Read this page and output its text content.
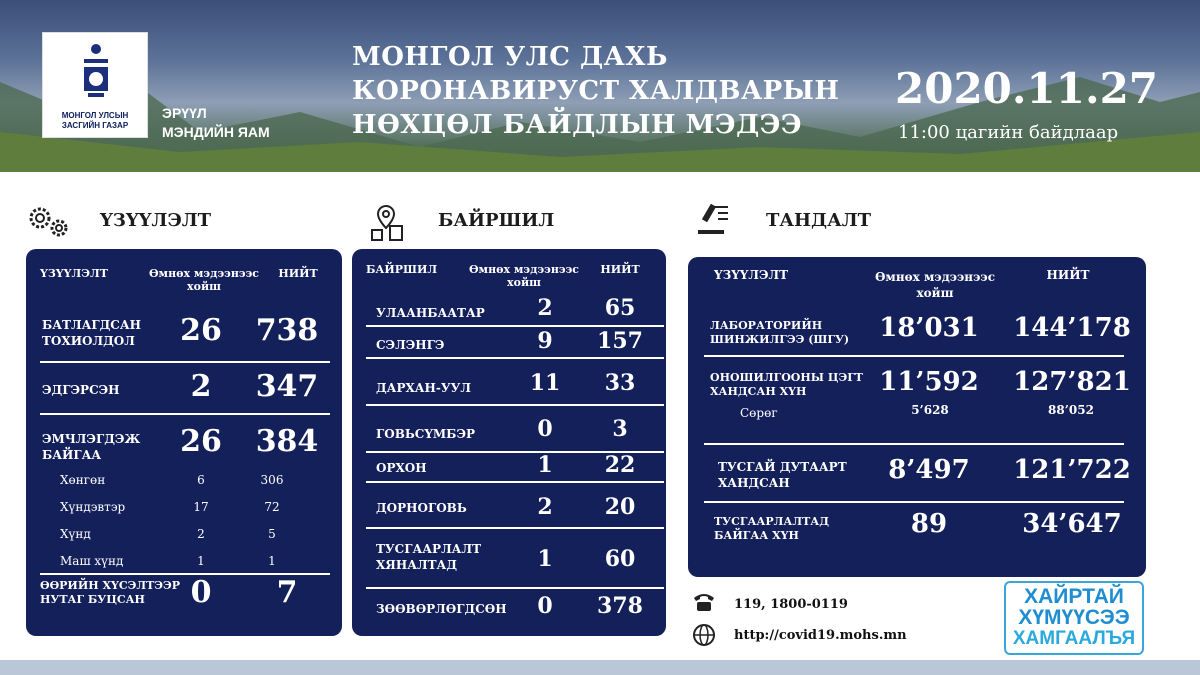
МОНГОЛ УЛСЫН ЗАСГИЙН ГАЗАР
ЭРҮҮЛ
МЭНДИЙН ЯАМ
МОНГОЛ УЛС ДАХЬ
КОРОНАВИРУСТ ХАЛДВАРЫН
НӨХЦӨЛ БАЙДЛЫН МЭДЭЭ
2020.11.27
11:00 цагийн байдлаар
ҮЗҮҮЛЭЛТ
ҮЗҮҮЛЭЛТ	Өмнөх мэдээнээс хойш
НИЙТ
БАТЛАГДСАН
ТОХИОЛДОЛ	26	738
ЭДГЭРСЭН	2	347
ЭМЧЛЭГДЭЖ
БАЙГАА	26	384
Хөнгөн	6	306
Хүндэвтэр	17	72
Хүнд	2	5
Маш хүнд	1	1
ӨӨРИЙН ХҮСЭЛТЭЭР
НУТАГ БУЦСАН	0	7
БАЙРШИЛ
БАЙРШИЛ	Өмнөх мэдээнээс хойш
НИЙТ
УЛААНБААТАР	2	65
СЭЛЭНГЭ	9	157
ДАРХАН-УУЛ	11	33
ГОВЬСҮМБЭР	0	3
ОРХОН	1	22
ДОРНОГОВЬ	2	20
ТУСГААРЛАЛТ
ХЯНАЛТАД	1	60
ЗӨӨВӨРЛӨГДСӨН	0	378
ТАНДАЛТ
ҮЗҮҮЛЭЛТ	Өмнөх мэдээнээс хойш
НИЙТ
ЛАБОРАТОРИЙН
ШИНЖИЛГЭЭ (ШГУ)	18’031	144’178
ОНОШИЛГООНЫ ЦЭГТ
ХАНДСАН ХҮН	11’592	127’821
Сөрөг	5’628	88’052
ТУСГАЙ ДУТААРТ
ХАНДСАН	8’497	121’722
ТУСГААРЛАЛТАД
БАЙГАА ХҮН	89	34’647
119, 1800-0119
http://covid19.mohs.mn
ХАЙРТАЙ
ХҮМҮҮСЭЭ
ХАМГААЛЪЯ
